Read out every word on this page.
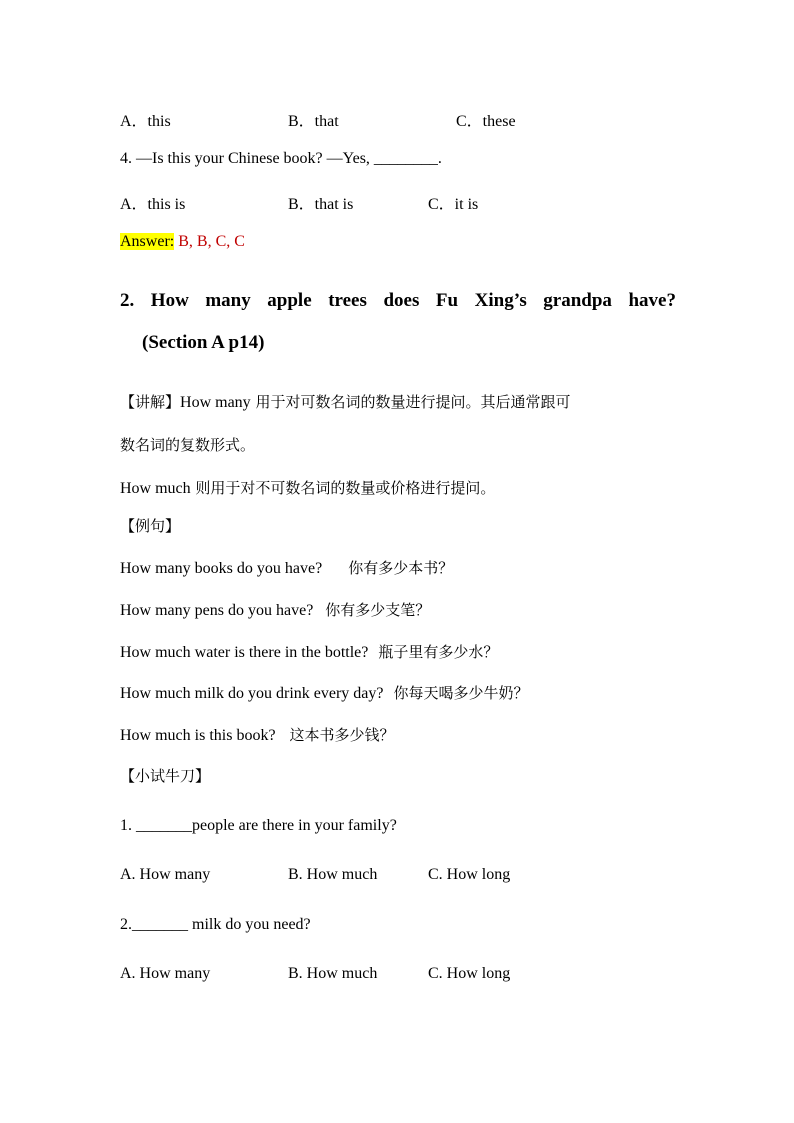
A．this	B．that	C．these
4. —Is this your Chinese book? —Yes, ________.
A．this is	B．that is	C．it is
Answer: B, B, C, C
2. How many apple trees does Fu Xing’s grandpa have?
(Section A p14)
【讲解】How many 用于对可数名词的数量进行提问。其后通常跟可
数名词的复数形式。
How much 则用于对不可数名词的数量或价格进行提问。
【例句】
How many books do you have? 你有多少本书？
How many pens do you have? 你有多少支笔？
How much water is there in the bottle? 瓶子里有多少水？
How much milk do you drink every day? 你每天喝多少牛奶？
How much is this book? 这本书多少钱？
【小试牛刀】
1. _______people are there in your family?
A. How many	B. How much	C. How long
2._______ milk do you need?
A. How many	B. How much	C. How long
